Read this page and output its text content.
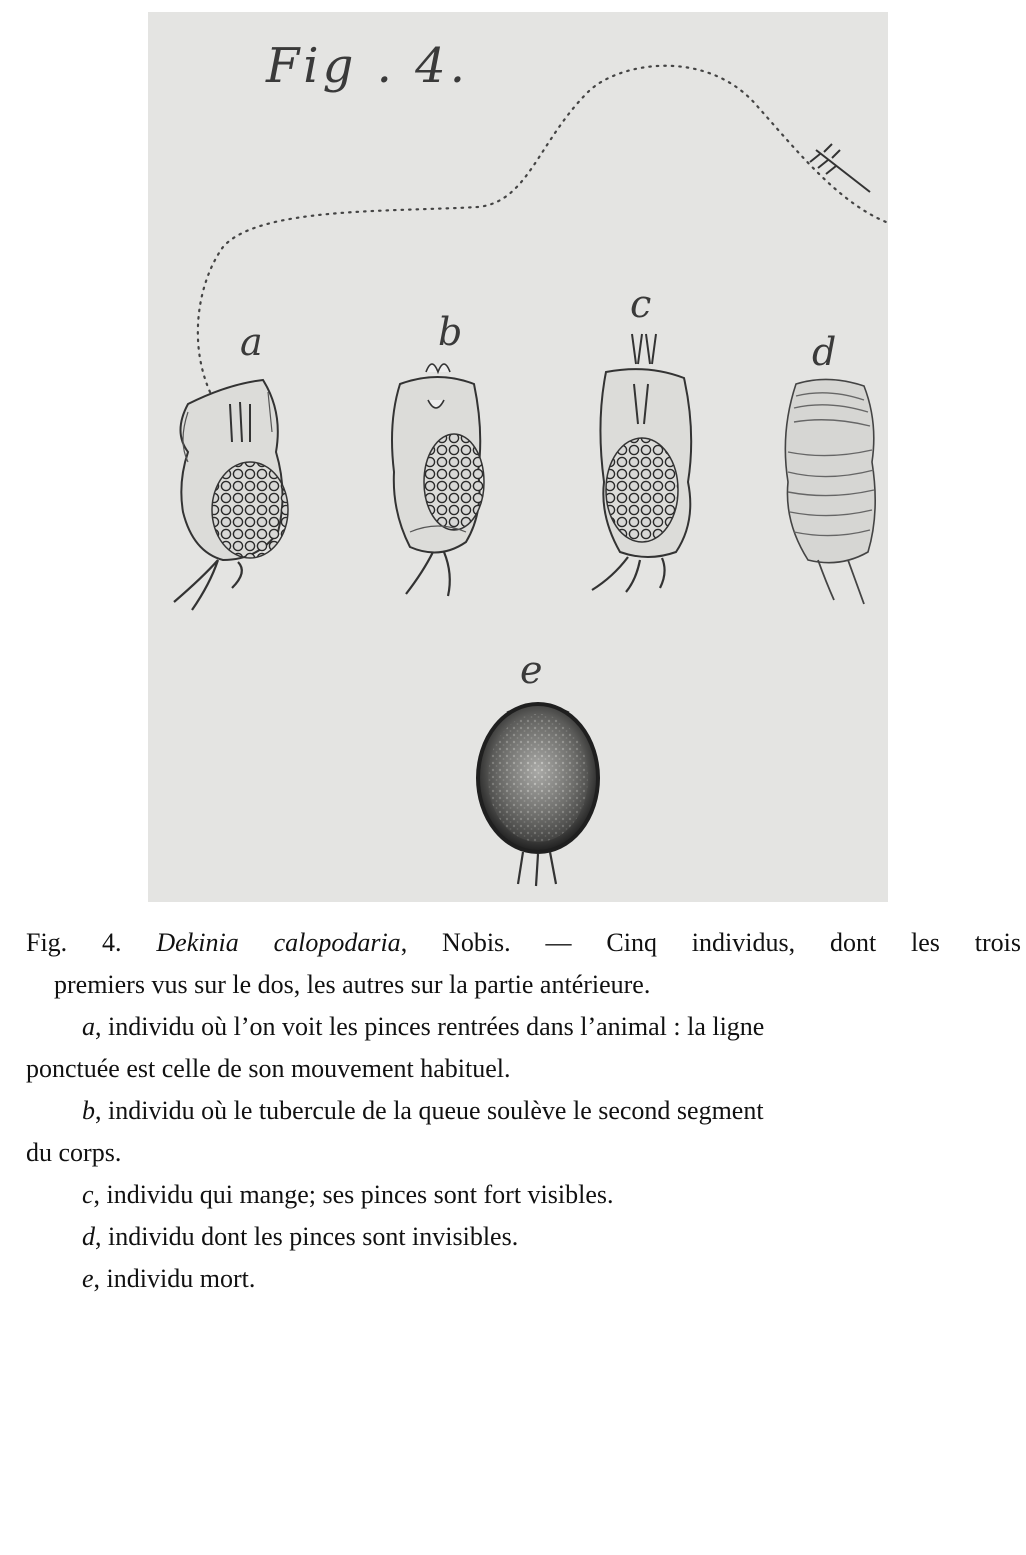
Fig . 4.
a	b
c
d
e
Fig. 4. Dekinia calopodaria, Nobis. — Cinq individus, dont les trois
premiers vus sur le dos, les autres sur la partie antérieure.
a, individu où l’on voit les pinces rentrées dans l’animal : la ligne
ponctuée est celle de son mouvement habituel.
b, individu où le tubercule de la queue soulève le second segment
du corps.
c, individu qui mange; ses pinces sont fort visibles.
d, individu dont les pinces sont invisibles.
e, individu mort.
